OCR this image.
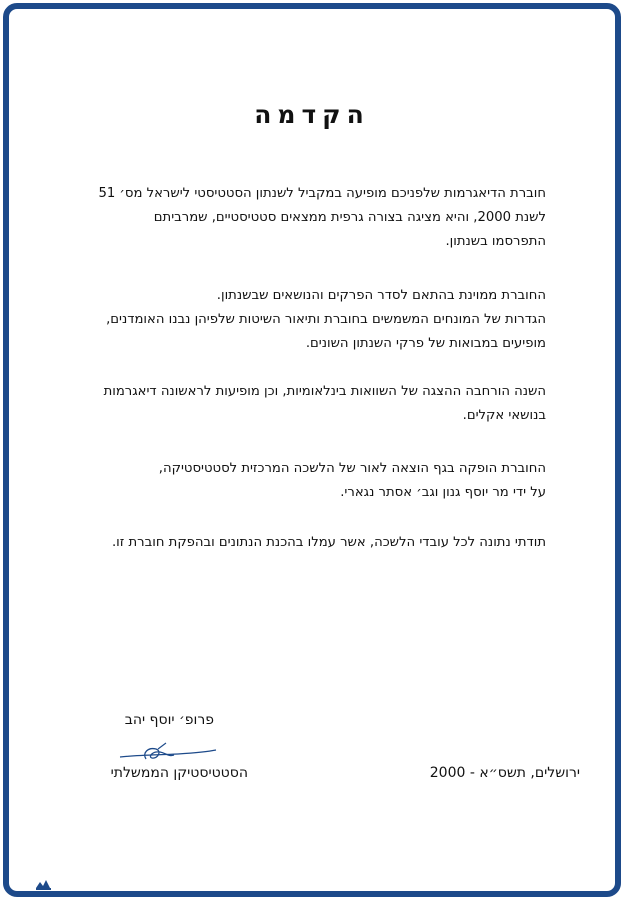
הקדמה
חוברת הדיאגרמות שלפניכם מופיעה במקביל לשנתון הסטטיסטי לישראל מס׳ 51
לשנת 2000, והיא מציגה בצורה גרפית ממצאים סטטיסטיים, שמרביתם
התפרסמו בשנתון.
החוברת ממוינת בהתאם לסדר הפרקים והנושאים שבשנתון.
הגדרות של המונחים המשמשים בחוברת ותיאור השיטות שלפיהן נבנו האומדנים,
מופיעים במבואות של פרקי השנתון השונים.
השנה הורחבה ההצגה של השוואות בינלאומיות, וכן מופיעות לראשונה דיאגרמות
בנושאי אקלים.
החוברת הופקה בגף הוצאה לאור של הלשכה המרכזית לסטטיסטיקה,
על ידי מר יוסף גנון וגב׳ אסתר נגארי.
תודתי נתונה לכל עובדי הלשכה, אשר עמלו בהכנת הנתונים ובהפקת חוברת זו.
פרופ׳ יוסף יהב
הסטטיסטיקן הממשלתי	ירושלים, תשס״א - 2000
